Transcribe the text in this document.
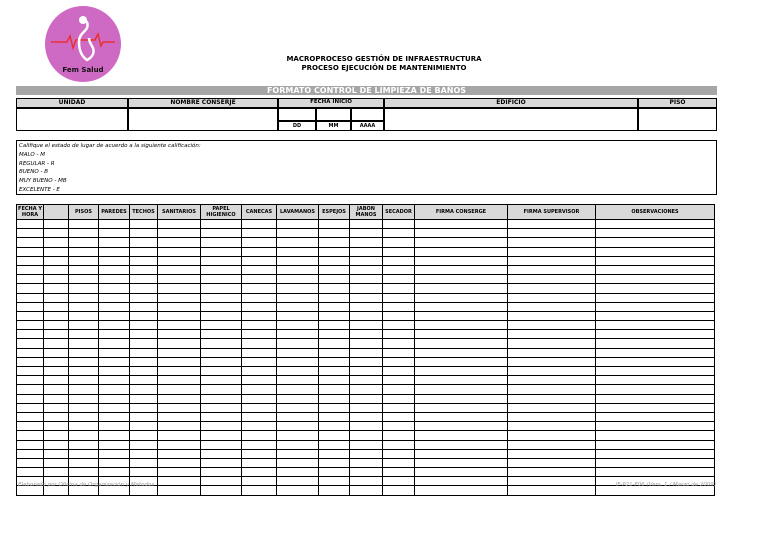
Fem Salud
MACROPROCESO GESTIÓN DE INFRAESTRUCTURA
PROCESO EJECUCIÓN DE MANTENIMIENTO
FORMATO CONTROL DE LIMPIEZA DE BAÑOS
UNIDAD	NOMBRE CONSERJE	FECHA INICIO	EDIFICIO	PISO
DD	MM	AAAA
Califique el estado de lugar de acuerdo a la siguiente calificación:
MALO - M
REGULAR - R
BUENO - B
MUY BUENO - MB
EXCELENTE - E
FECHA Y HORA		PISOS	PAREDES	TECHOS	SANITARIOS	PAPEL HIGIENICO	CANECAS	LAVAMANOS	ESPEJOS	JABON MANOS	SECADOR	FIRMA CONSERGE	FIRMA SUPERVISOR	OBSERVACIONES

Elaborado por Oficina de Organización y Métodos	IF-P21-F06 (Vers. 1 / Marzo de 2009)
